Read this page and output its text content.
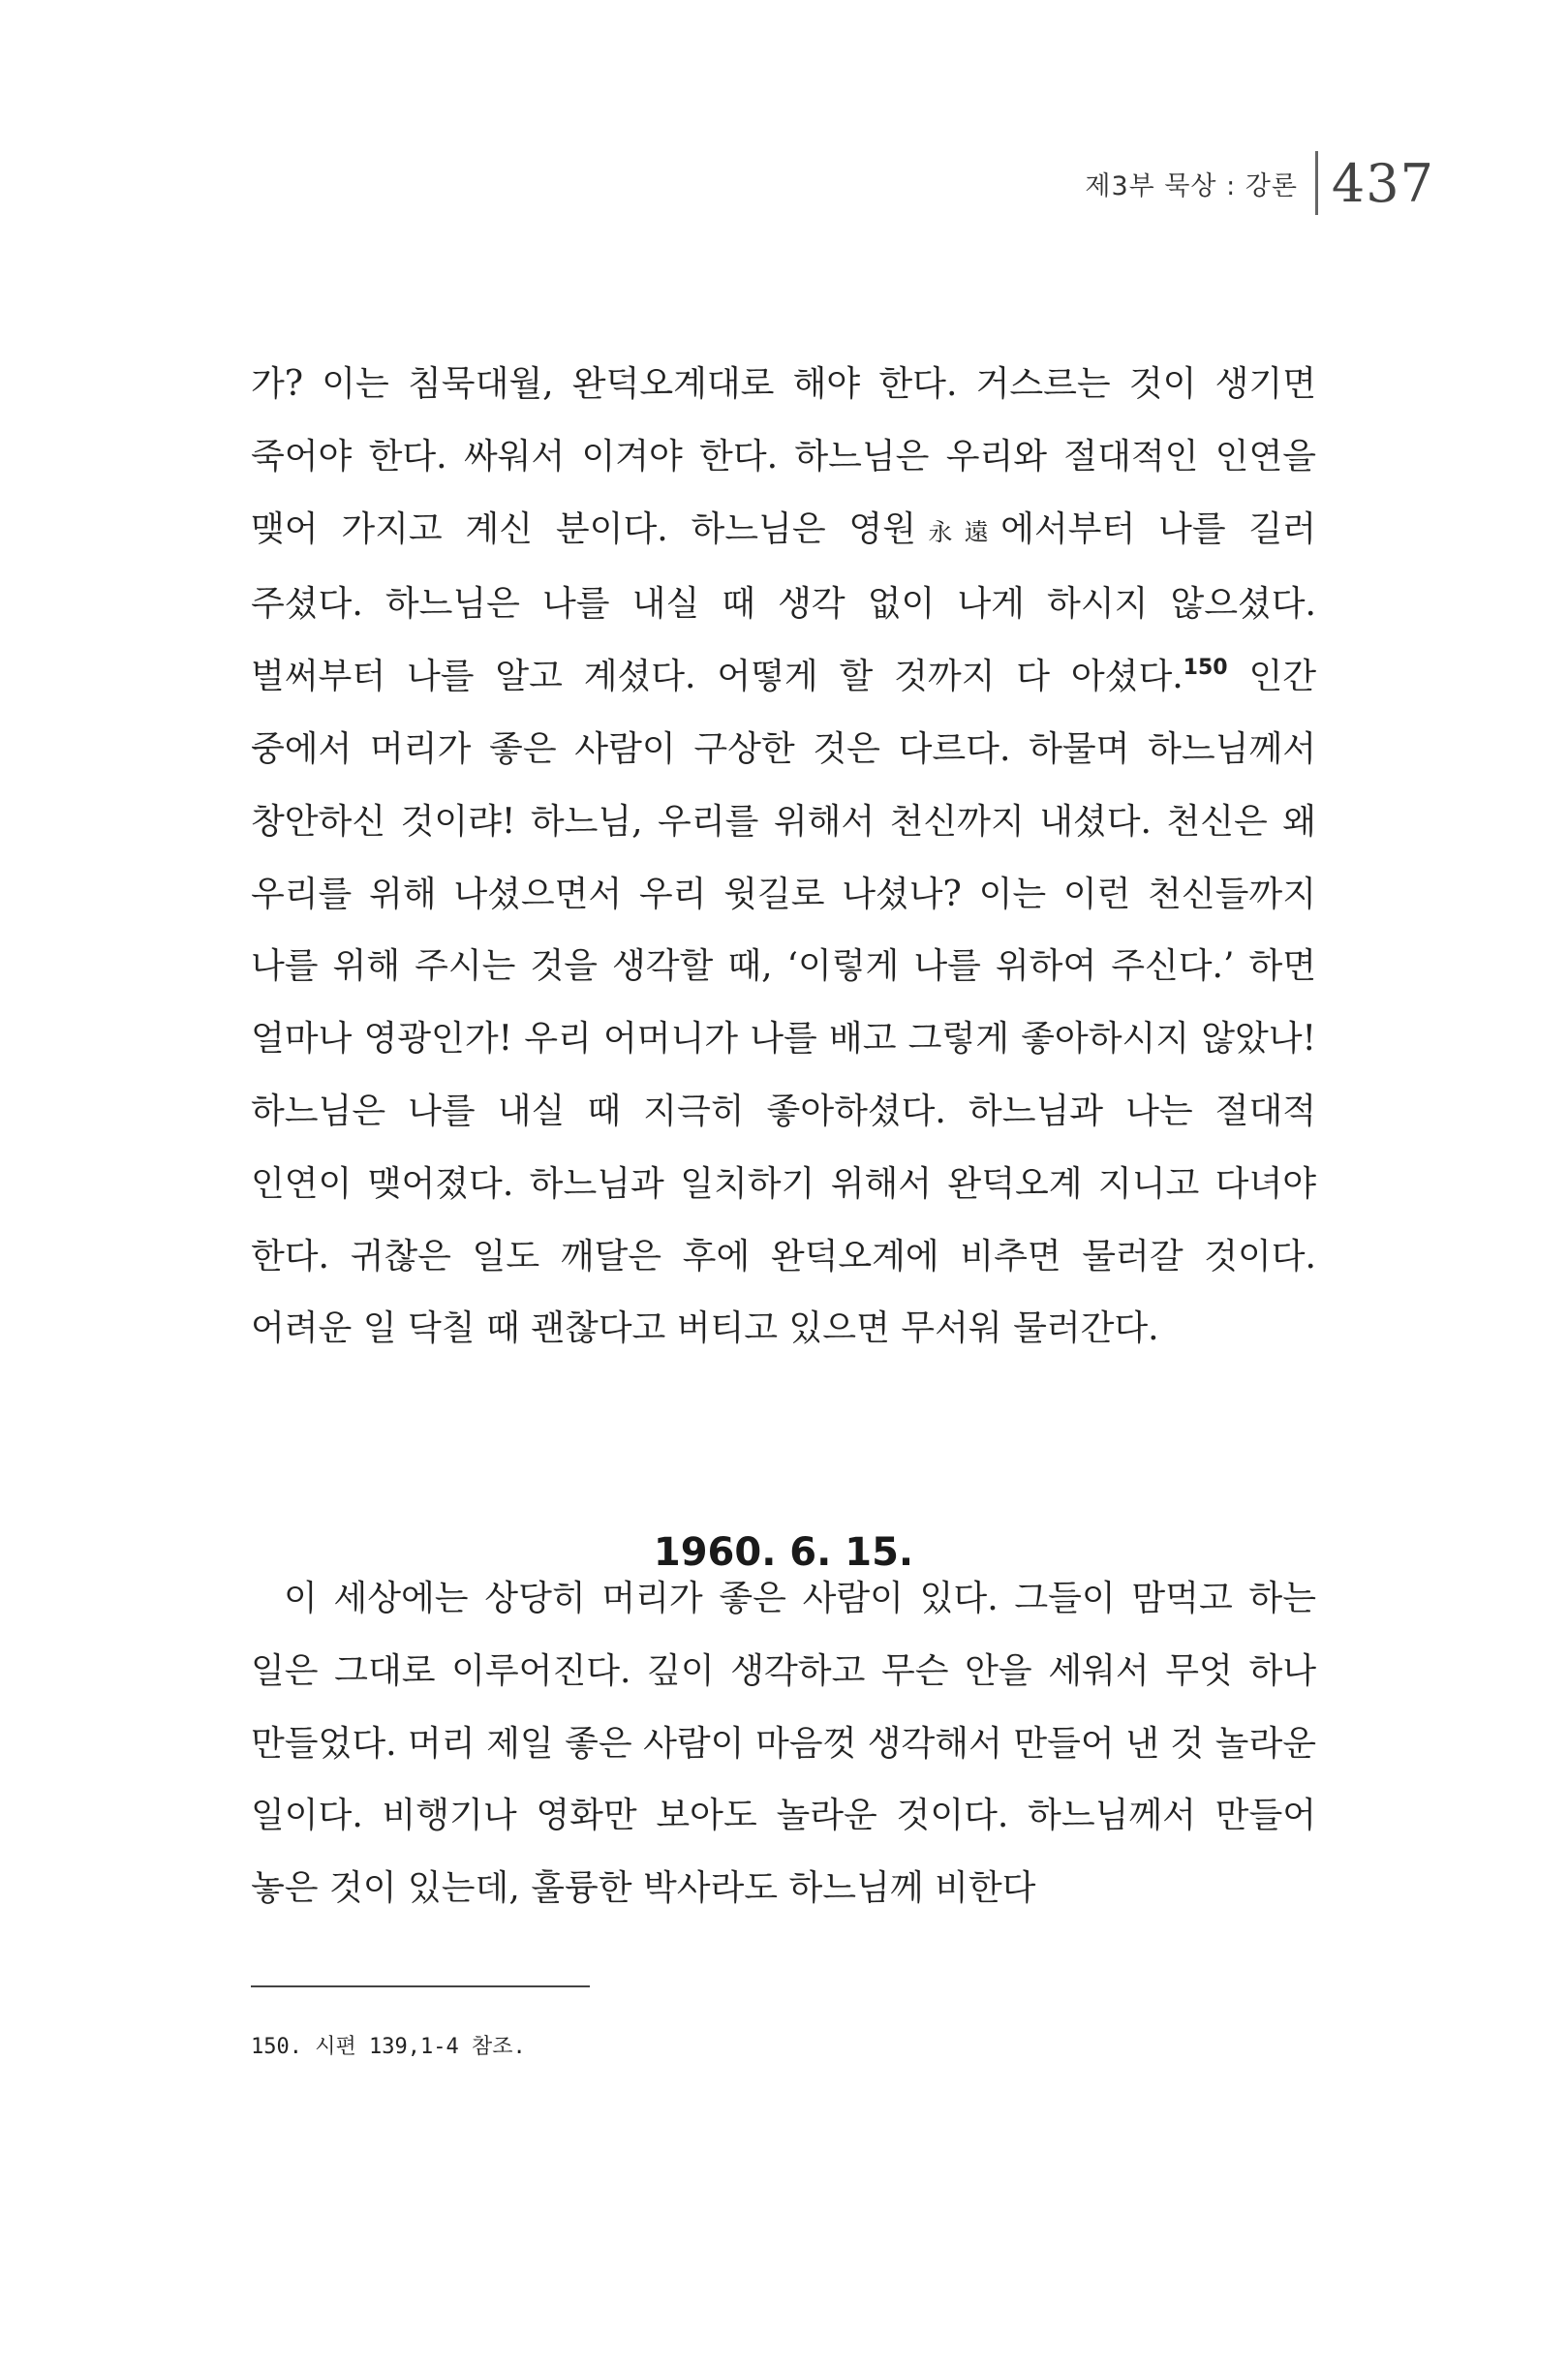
제3부 묵상 : 강론 437

가? 이는 침묵대월, 완덕오계대로 해야 한다. 거스르는 것이 생기면 죽어야 한다. 싸워서 이겨야 한다. 하느님은 우리와 절대적인 인연을 맺어 가지고 계신 분이다. 하느님은 영원永遠에서부터 나를 길러 주셨다. 하느님은 나를 내실 때 생각 없이 나게 하시지 않으셨다. 벌써부터 나를 알고 계셨다. 어떻게 할 것까지 다 아셨다.$^{150}$ 인간 중에서 머리가 좋은 사람이 구상한 것은 다르다. 하물며 하느님께서 창안하신 것이랴! 하느님, 우리를 위해서 천신까지 내셨다. 천신은 왜 우리를 위해 나셨으면서 우리 윗길로 나셨나? 이는 이런 천신들까지 나를 위해 주시는 것을 생각할 때, ‘이렇게 나를 위하여 주신다.’ 하면 얼마나 영광인가! 우리 어머니가 나를 배고 그렇게 좋아하시지 않았나! 하느님은 나를 내실 때 지극히 좋아하셨다. 하느님과 나는 절대적 인연이 맺어졌다. 하느님과 일치하기 위해서 완덕오계 지니고 다녀야 한다. 귀찮은 일도 깨달은 후에 완덕오계에 비추면 물러갈 것이다. 어려운 일 닥칠 때 괜찮다고 버티고 있으면 무서워 물러간다.

1960. 6. 15.

이 세상에는 상당히 머리가 좋은 사람이 있다. 그들이 맘먹고 하는 일은 그대로 이루어진다. 깊이 생각하고 무슨 안을 세워서 무엇 하나 만들었다. 머리 제일 좋은 사람이 마음껏 생각해서 만들어 낸 것 놀라운 일이다. 비행기나 영화만 보아도 놀라운 것이다. 하느님께서 만들어 놓은 것이 있는데, 훌륭한 박사라도 하느님께 비한다

150. 시편 139,1-4 참조.
